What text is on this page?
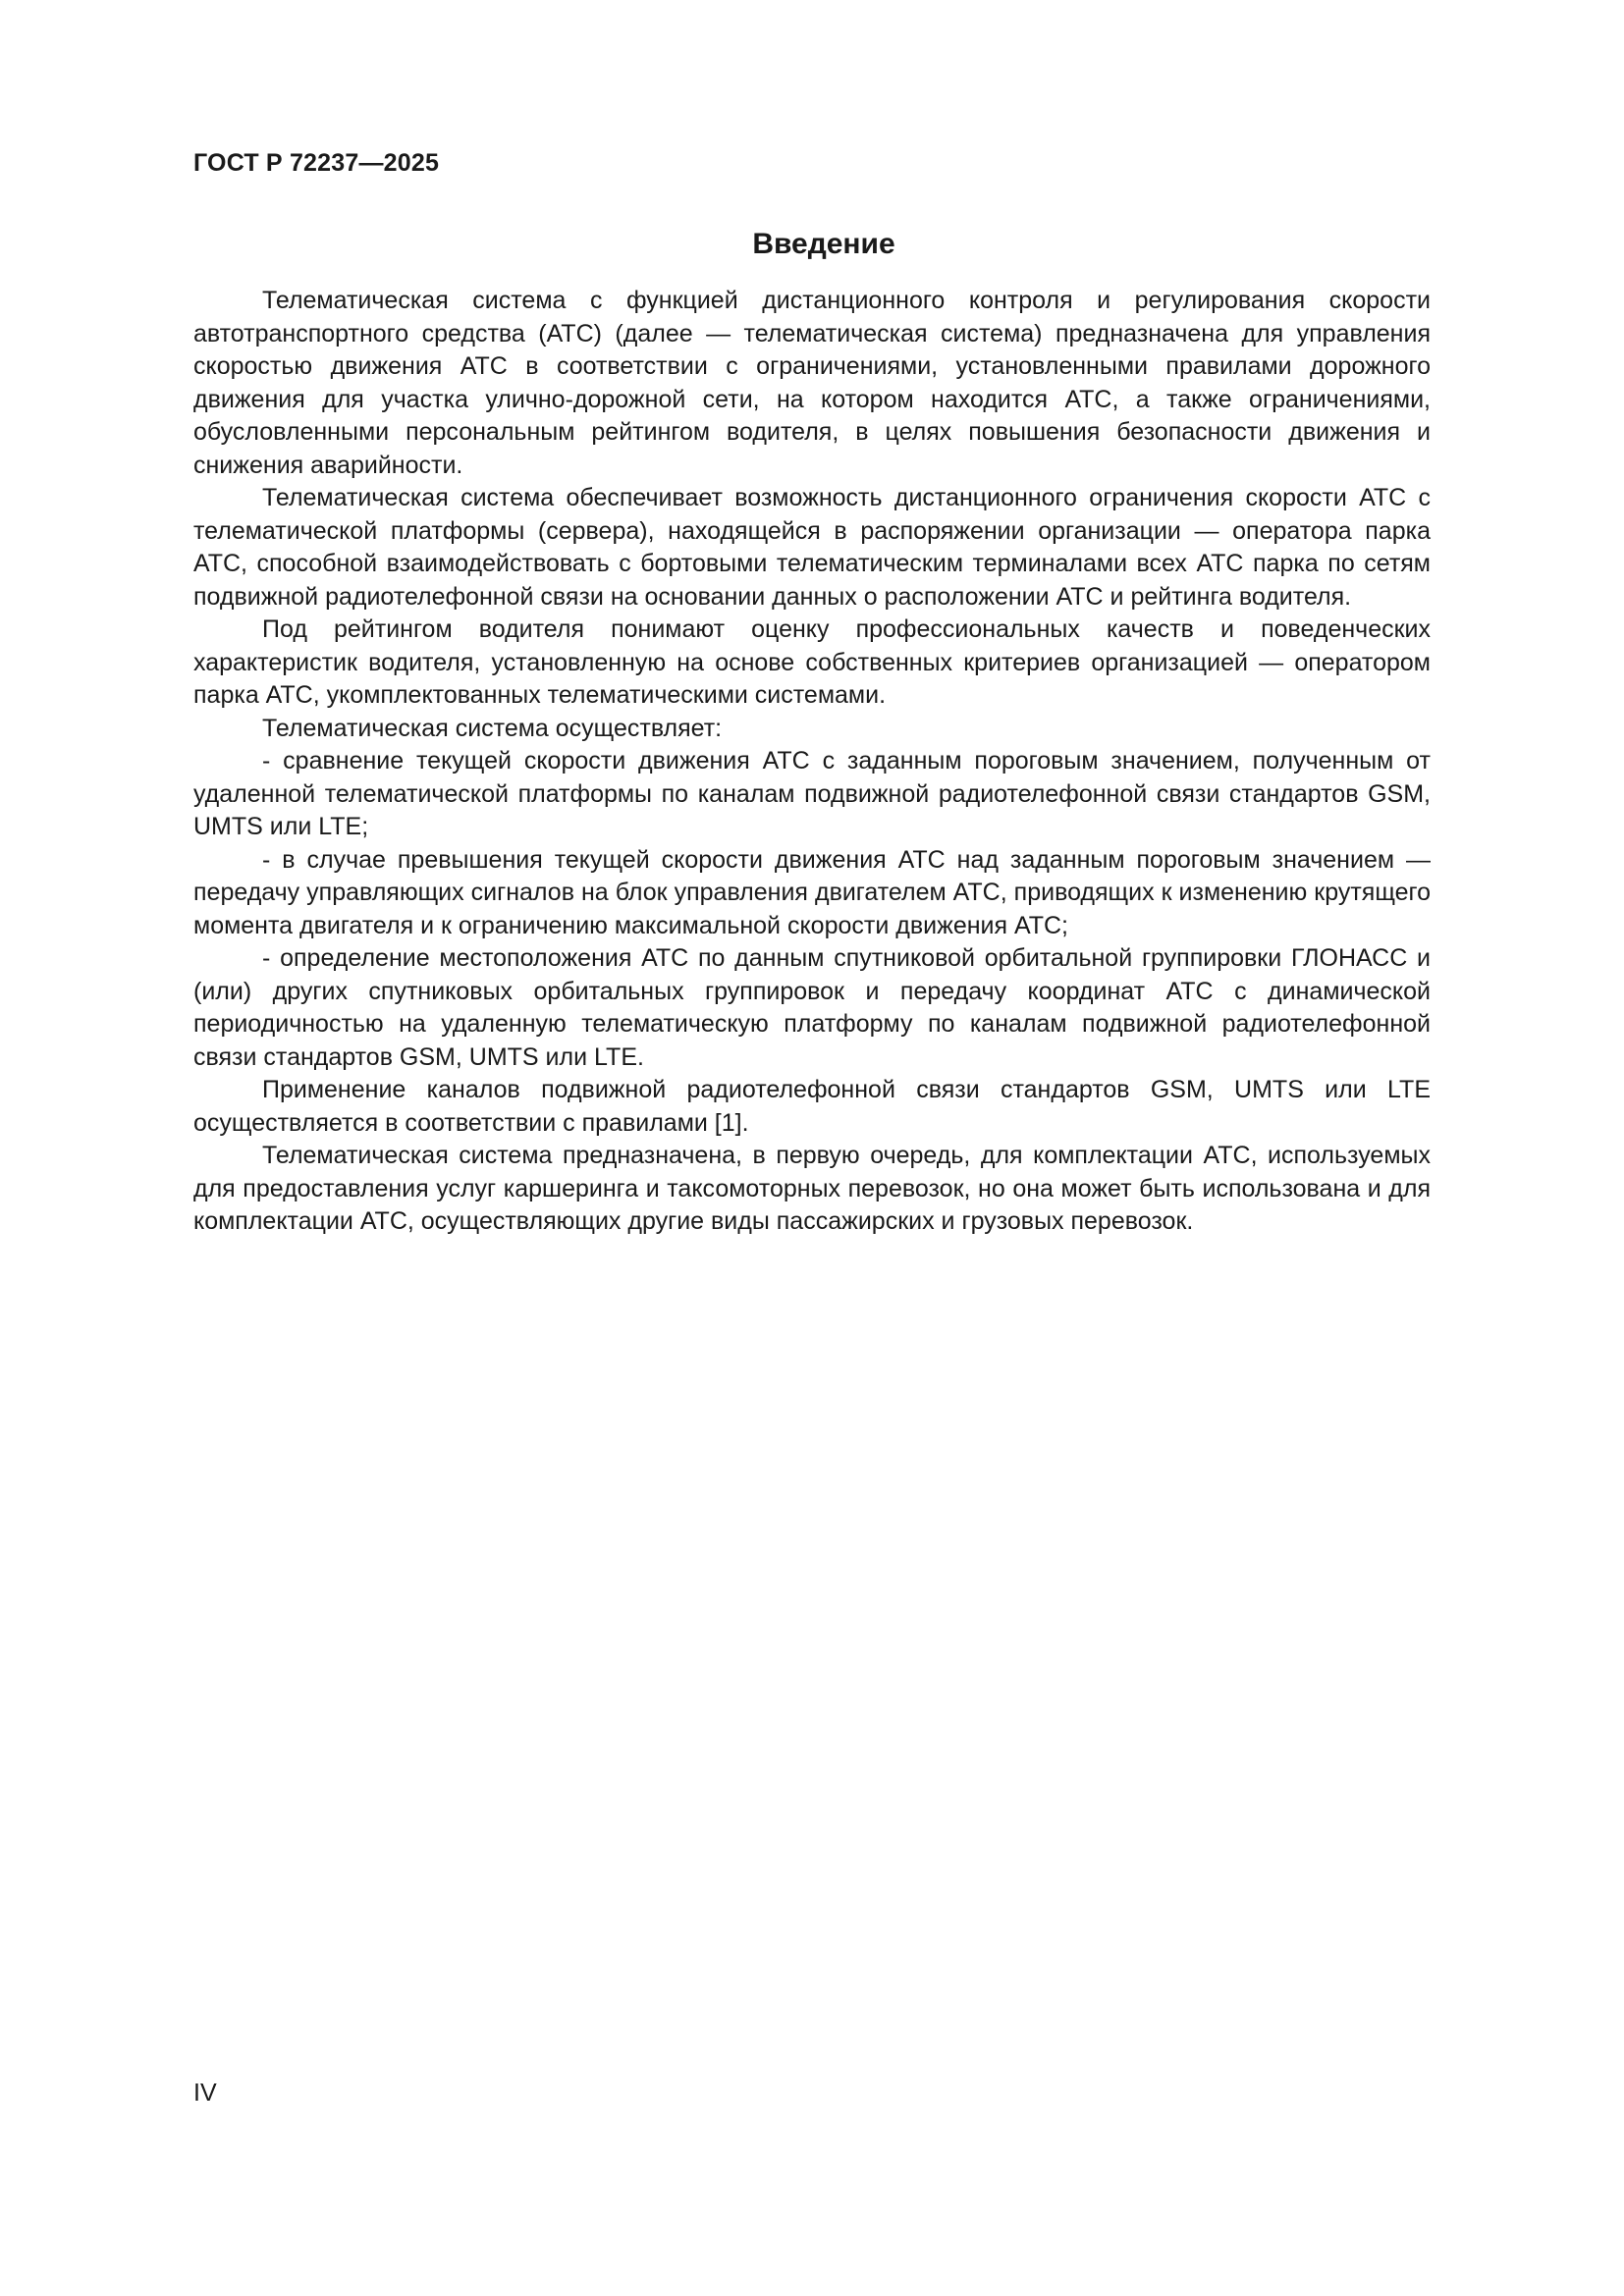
ГОСТ Р 72237—2025
Введение

Телематическая система с функцией дистанционного контроля и регулирования скорости автотранспортного средства (АТС) (далее — телематическая система) предназначена для управления скоростью движения АТС в соответствии с ограничениями, установленными правилами дорожного движения для участка улично-дорожной сети, на котором находится АТС, а также ограничениями, обусловленными персональным рейтингом водителя, в целях повышения безопасности движения и снижения аварийности.

Телематическая система обеспечивает возможность дистанционного ограничения скорости АТС с телематической платформы (сервера), находящейся в распоряжении организации — оператора парка АТС, способной взаимодействовать с бортовыми телематическим терминалами всех АТС парка по сетям подвижной радиотелефонной связи на основании данных о расположении АТС и рейтинга водителя.

Под рейтингом водителя понимают оценку профессиональных качеств и поведенческих характеристик водителя, установленную на основе собственных критериев организацией — оператором парка АТС, укомплектованных телематическими системами.

Телематическая система осуществляет:

- сравнение текущей скорости движения АТС с заданным пороговым значением, полученным от удаленной телематической платформы по каналам подвижной радиотелефонной связи стандартов GSM, UMTS или LTE;

- в случае превышения текущей скорости движения АТС над заданным пороговым значением — передачу управляющих сигналов на блок управления двигателем АТС, приводящих к изменению крутящего момента двигателя и к ограничению максимальной скорости движения АТС;

- определение местоположения АТС по данным спутниковой орбитальной группировки ГЛОНАСС и (или) других спутниковых орбитальных группировок и передачу координат АТС с динамической периодичностью на удаленную телематическую платформу по каналам подвижной радиотелефонной связи стандартов GSM, UMTS или LTE.

Применение каналов подвижной радиотелефонной связи стандартов GSM, UMTS или LTE осуществляется в соответствии с правилами [1].

Телематическая система предназначена, в первую очередь, для комплектации АТС, используемых для предоставления услуг каршеринга и таксомоторных перевозок, но она может быть использована и для комплектации АТС, осуществляющих другие виды пассажирских и грузовых перевозок.

IV
